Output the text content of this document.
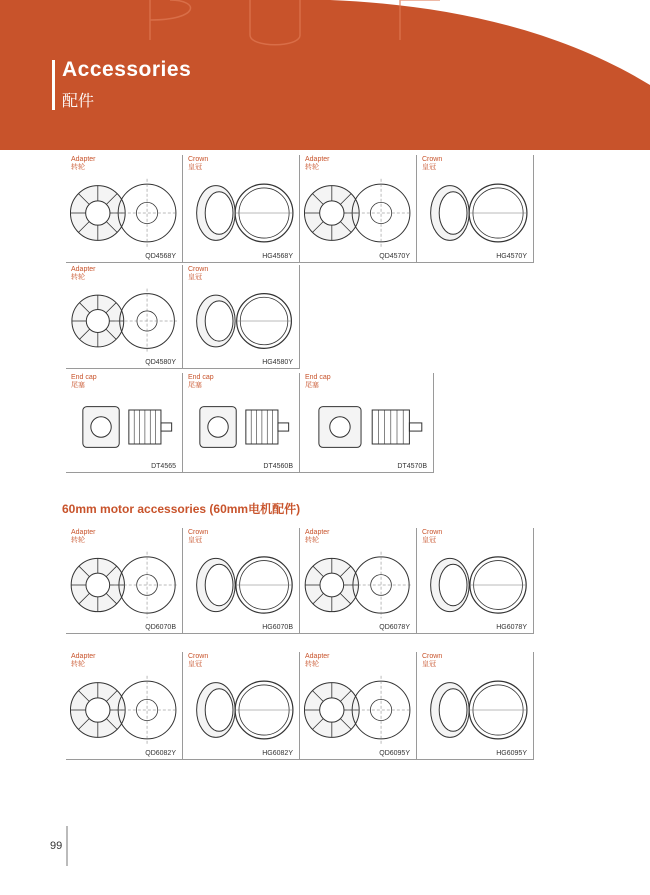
Accessories
配件
Adapter
转轮
QD4568Y
Crown
皇冠
HG4568Y
Adapter
转轮
QD4570Y
Crown
皇冠
HG4570Y
Adapter
转轮
QD4580Y
Crown
皇冠
HG4580Y
End cap
尾塞
DT4565
End cap
尾塞
DT4560B
End cap
尾塞
DT4570B
Adapter
转轮
QD6070B
Crown
皇冠
HG6070B
Adapter
转轮
QD6078Y
Crown
皇冠
HG6078Y
Adapter
转轮
QD6082Y
Crown
皇冠
HG6082Y
Adapter
转轮
QD6095Y
Crown
皇冠
HG6095Y
60mm motor accessories (60mm电机配件)
99
